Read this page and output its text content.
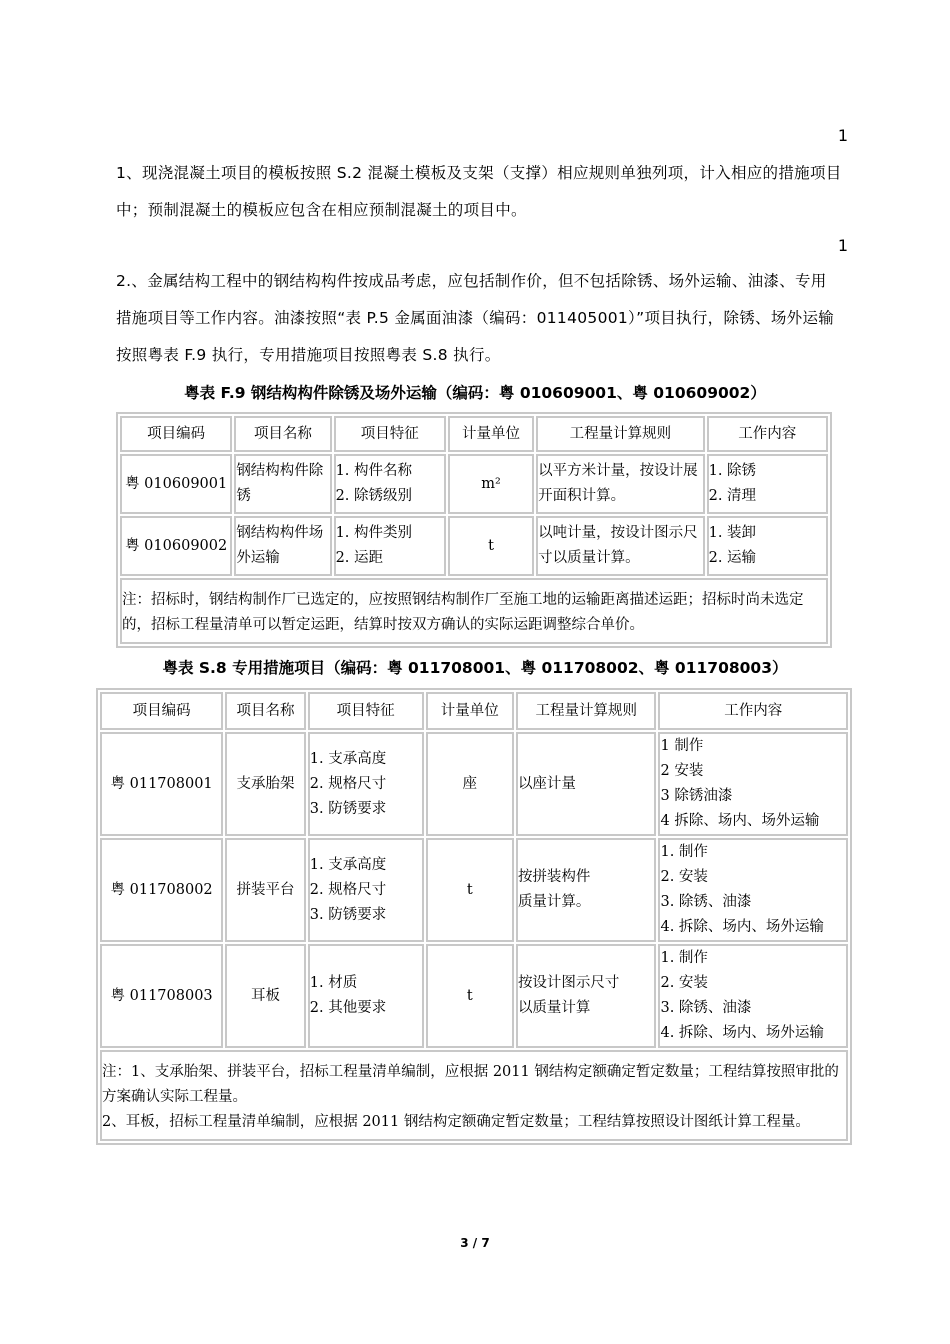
1
1、现浇混凝土项目的模板按照 S.2 混凝土模板及支架（支撑）相应规则单独列项，计入相应的措施项目中；预制混凝土的模板应包含在相应预制混凝土的项目中。
1
2.、金属结构工程中的钢结构构件按成品考虑，应包括制作价，但不包括除锈、场外运输、油漆、专用措施项目等工作内容。油漆按照“表 P.5 金属面油漆（编码：011405001）”项目执行，除锈、场外运输按照粤表 F.9 执行，专用措施项目按照粤表 S.8 执行。
粤表 F.9 钢结构构件除锈及场外运输（编码：粤 010609001、粤 010609002）
项目编码	项目名称	项目特征	计量单位	工程量计算规则	工作内容
粤 010609001	钢结构构件除锈	1. 构件名称
2. 除锈级别	m²	以平方米计量，按设计展开面积计算。	1. 除锈
2. 清理

粤 010609002	钢结构构件场外运输	1. 构件类别
2. 运距	t	以吨计量，按设计图示尺寸以质量计算。	1. 装卸
2. 运输

注：招标时，钢结构制作厂已选定的，应按照钢结构制作厂至施工地的运输距离描述运距；招标时尚未选定的，招标工程量清单可以暂定运距，结算时按双方确认的实际运距调整综合单价。					
粤表 S.8 专用措施项目（编码：粤 011708001、粤 011708002、粤 011708003）
项目编码	项目名称	项目特征	计量单位	工程量计算规则	工作内容
粤 011708001	支承胎架	1. 支承高度
2. 规格尺寸
3. 防锈要求	座	以座计量	1 制作
2 安装
3 除锈油漆
4 拆除、场内、场外运输

粤 011708002	拼装平台	1. 支承高度
2. 规格尺寸
3. 防锈要求	t	按拼装构件
质量计算。	1. 制作
2. 安装
3. 除锈、油漆
4. 拆除、场内、场外运输

粤 011708003	耳板	1. 材质
2. 其他要求	t	按设计图示尺寸
以质量计算	1. 制作
2. 安装
3. 除锈、油漆
4. 拆除、场内、场外运输

注：1、支承胎架、拼装平台，招标工程量清单编制，应根据 2011 钢结构定额确定暂定数量；工程结算按照审批的方案确认实际工程量。
2、耳板，招标工程量清单编制，应根据 2011 钢结构定额确定暂定数量；工程结算按照设计图纸计算工程量。					
3 / 7
